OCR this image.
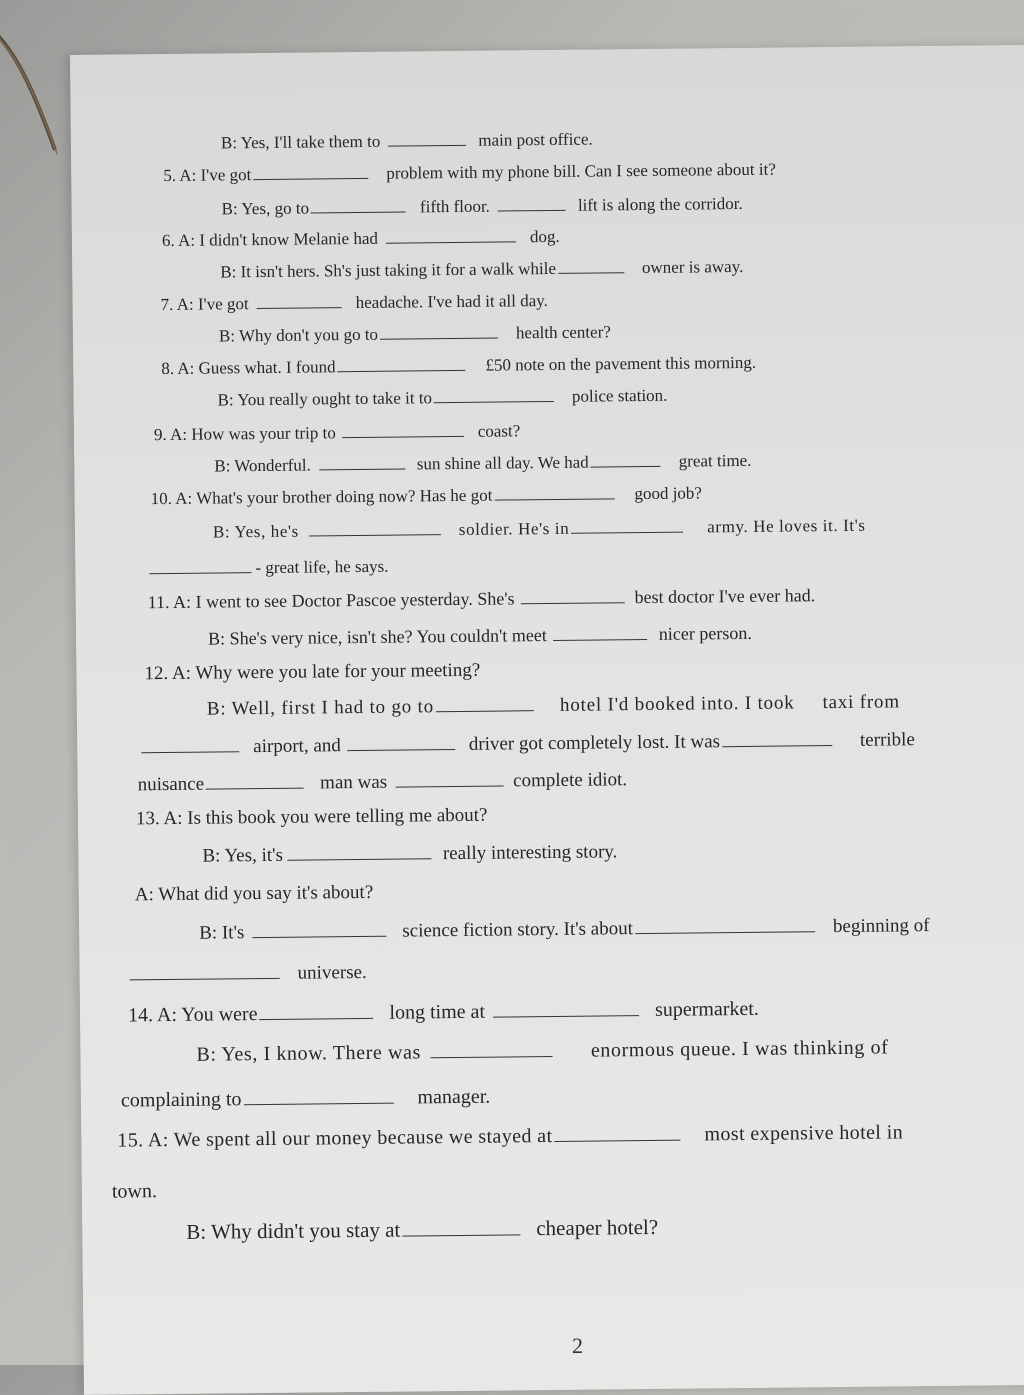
B: Yes, I'll take them to	main post office.
5. A: I've got	problem with my phone bill. Can I see someone about it?
B: Yes, go to	fifth floor.	lift is along the corridor.
6. A: I didn't know Melanie had	dog.
B: It isn't hers. Sh's just taking it for a walk while	owner is away.
7. A: I've got	headache. I've had it all day.
B: Why don't you go to	health center?
8. A: Guess what. I found	£50 note on the pavement this morning.
B: You really ought to take it to	police station.
9. A: How was your trip to	coast?
B: Wonderful.	sun shine all day. We had	great time.
10. A: What's your brother doing now? Has he got	good job?
B: Yes, he's	soldier. He's in	army. He loves it. It's
- great life, he says.
11. A: I went to see Doctor Pascoe yesterday. She's	best doctor I've ever had.
B: She's very nice, isn't she? You couldn't meet	nicer person.
12. A: Why were you late for your meeting?
B: Well, first I had to go to	hotel I'd booked into. I took taxi from
airport, and	driver got completely lost. It was	terrible
nuisance	man was	complete idiot.
13. A: Is this book you were telling me about?
B: Yes, it's	really interesting story.
A: What did you say it's about?
B: It's	science fiction story. It's about	beginning of
universe.
14. A: You were	long time at	supermarket.
B: Yes, I know. There was	enormous queue. I was thinking of
complaining to	manager.
15. A: We spent all our money because we stayed at	most expensive hotel in
town.
B: Why didn't you stay at	cheaper hotel?
2
